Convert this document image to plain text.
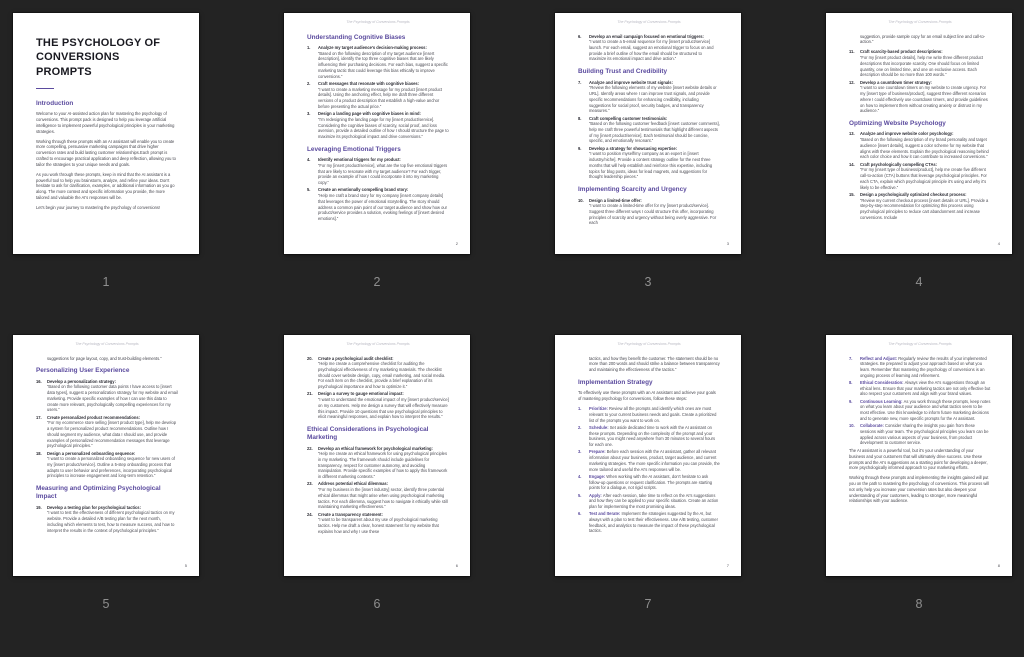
THE PSYCHOLOGY OF CONVERSIONS PROMPTS
Introduction

Welcome to your AI-assisted action plan for mastering the psychology of conversions. This prompt pack is designed to help you leverage artificial intelligence to implement powerful psychological principles in your marketing strategies.

Working through these prompts with an AI assistant will enable you to create more compelling, persuasive marketing campaigns that drive higher conversion rates and build lasting customer relationships.Each prompt is crafted to encourage practical application and deep reflection, allowing you to tailor the strategies to your unique needs and goals.

As you work through these prompts, keep in mind that the AI assistant is a powerful tool to help you brainstorm, analyze, and refine your ideas. Don't hesitate to ask for clarification, examples, or additional information as you go along. The more context and specific information you provide, the more tailored and valuable the AI's responses will be.

Let's begin your journey to mastering the psychology of conversions!

1
The Psychology of Conversions Prompts
Understanding Cognitive Biases
1.	Analyze my target audience's decision-making process:
“Based on the following description of my target audience [insert description], identify the top three cognitive biases that are likely influencing their purchasing decisions. For each bias, suggest a specific marketing tactic that could leverage this bias ethically to improve conversions.”
2.	Craft messages that resonate with cognitive biases:
“I want to create a marketing message for my product [insert product details]. Using the anchoring effect, help me draft three different versions of a product description that establish a high-value anchor before presenting the actual price.”
3.	Design a landing page with cognitive biases in mind:
“I'm redesigning the landing page for my [insert product/service]. Considering the cognitive biases of scarcity, social proof, and loss aversion, provide a detailed outline of how I should structure the page to maximize its psychological impact and drive conversions.”
Leveraging Emotional Triggers
4.	Identify emotional triggers for my product:
“For my [insert product/service], what are the top five emotional triggers that are likely to resonate with my target audience? For each trigger, provide an example of how I could incorporate it into my marketing copy.”
5.	Create an emotionally compelling brand story:
“Help me craft a brand story for my company [insert company details] that leverages the power of emotional storytelling. The story should address a common pain point of our target audience and show how our product/service provides a solution, evoking feelings of [insert desired emotions].”
2
2
The Psychology of Conversions Prompts
6.	Develop an email campaign focused on emotional triggers:
“I want to create a 5-email sequence for my [insert product/service] launch. For each email, suggest an emotional trigger to focus on and provide a brief outline of how the email should be structured to maximize its emotional impact and drive action.”
Building Trust and Credibility
7.	Analyze and improve website trust signals:
“Review the following elements of my website [insert website details or URL]. Identify areas where I can improve trust signals, and provide specific recommendations for enhancing credibility, including suggestions for social proof, security badges, and transparency measures.”
8.	Craft compelling customer testimonials:
“Based on the following customer feedback [insert customer comments], help me craft three powerful testimonials that highlight different aspects of my [insert product/service]. Each testimonial should be concise, specific, and emotionally resonant.”
9.	Develop a strategy for showcasing expertise:
“I want to position myself/my company as an expert in [insert industry/niche]. Provide a content strategy outline for the next three months that will help establish and reinforce this expertise, including topics for blog posts, ideas for lead magnets, and suggestions for thought leadership pieces.”
Implementing Scarcity and Urgency
10.	Design a limited-time offer:
“I want to create a limited-time offer for my [insert product/service]. Suggest three different ways I could structure this offer, incorporating principles of scarcity and urgency without being overly aggressive. For each
3
3
The Psychology of Conversions Prompts

suggestion, provide sample copy for an email subject line and call-to-action.”

11.	Craft scarcity-based product descriptions:
“For my [insert product details], help me write three different product descriptions that incorporate scarcity. One should focus on limited quantity, one on limited time, and one on exclusive access. Each description should be no more than 100 words.”
12.	Develop a countdown timer strategy:
“I want to use countdown timers on my website to create urgency. For my [insert type of business/product], suggest three different scenarios where I could effectively use countdown timers, and provide guidelines on how to implement them without creating anxiety or distrust in my audience.”
Optimizing Website Psychology
13.	Analyze and improve website color psychology:
“Based on the following description of my brand personality and target audience [insert details], suggest a color scheme for my website that aligns with these elements. Explain the psychological reasoning behind each color choice and how it can contribute to increased conversions.”
14.	Craft psychologically compelling CTAs:
“For my [insert type of business/product], help me create five different call-to-action (CTA) buttons that leverage psychological principles. For each CTA, explain which psychological principle it's using and why it's likely to be effective.”
15.	Design a psychologically optimized checkout process:
“Review my current checkout process [insert details or URL]. Provide a step-by-step recommendation for optimizing this process using psychological principles to reduce cart abandonment and increase conversions. Include
4
4
The Psychology of Conversions Prompts

suggestions for page layout, copy, and trust-building elements.”

Personalizing User Experience
16.	Develop a personalization strategy:
“Based on the following customer data points I have access to [insert data types], suggest a personalization strategy for my website and email marketing. Provide specific examples of how I can use this data to create more relevant, psychologically compelling experiences for my users.”
17.	Create personalized product recommendations:
“For my ecommerce store selling [insert product type], help me develop a system for personalized product recommendations. Outline how I should segment my audience, what data I should use, and provide examples of personalized recommendation messages that leverage psychological principles.”
18.	Design a personalized onboarding sequence:
“I want to create a personalized onboarding sequence for new users of my [insert product/service]. Outline a 5-step onboarding process that adapts to user behavior and preferences, incorporating psychological principles to increase engagement and long-term retention.”
Measuring and Optimizing Psychological Impact
19.	Develop a testing plan for psychological tactics:
“I want to test the effectiveness of different psychological tactics on my website. Provide a detailed A/B testing plan for the next month, including which elements to test, how to measure success, and how to interpret the results in the context of psychological principles.”
5
5
The Psychology of Conversions Prompts
20.	Create a psychological audit checklist:
“Help me create a comprehensive checklist for auditing the psychological effectiveness of my marketing materials. The checklist should cover website design, copy, email marketing, and social media. For each item on the checklist, provide a brief explanation of its psychological importance and how to optimize it.”
21.	Design a survey to gauge emotional impact:
“I want to understand the emotional impact of my [insert product/service] on my customers. Help me design a survey that will effectively measure this impact. Provide 10 questions that use psychological principles to elicit meaningful responses, and explain how to interpret the results.”
Ethical Considerations in Psychological Marketing
22.	Develop an ethical framework for psychological marketing:
“Help me create an ethical framework for using psychological principles in my marketing. The framework should include guidelines for transparency, respect for customer autonomy, and avoiding manipulation. Provide specific examples of how to apply this framework in different marketing contexts.”
23.	Address potential ethical dilemmas:
“For my business in the [insert industry] sector, identify three potential ethical dilemmas that might arise when using psychological marketing tactics. For each dilemma, suggest how to navigate it ethically while still maintaining marketing effectiveness.”
24.	Create a transparency statement:
“I want to be transparent about my use of psychological marketing tactics. Help me draft a clear, honest statement for my website that explains how and why I use these
6
6
The Psychology of Conversions Prompts

tactics, and how they benefit the customer. The statement should be no more than 200 words and should strike a balance between transparency and maintaining the effectiveness of the tactics.”

Implementation Strategy

To effectively use these prompts with an AI assistant and achieve your goals of mastering psychology for conversions, follow these steps:

1.	Prioritize: Review all the prompts and identify which ones are most relevant to your current business needs and goals. Create a prioritized list of the prompts you want to work on.
2.	Schedule: Set aside dedicated time to work with the AI assistant on these prompts. Depending on the complexity of the prompt and your business, you might need anywhere from 30 minutes to several hours for each one.
3.	Prepare: Before each session with the AI assistant, gather all relevant information about your business, product, target audience, and current marketing strategies. The more specific information you can provide, the more tailored and useful the AI's responses will be.
4.	Engage: When working with the AI assistant, don't hesitate to ask follow-up questions or request clarification. The prompts are starting points for a dialogue, not rigid scripts.
5.	Apply: After each session, take time to reflect on the AI's suggestions and how they can be applied to your specific situation. Create an action plan for implementing the most promising ideas.
6.	Test and Iterate: Implement the strategies suggested by the AI, but always with a plan to test their effectiveness. Use A/B testing, customer feedback, and analytics to measure the impact of these psychological tactics.
7
7
The Psychology of Conversions Prompts
7.	Reflect and Adjust: Regularly review the results of your implemented strategies. Be prepared to adjust your approach based on what you learn. Remember that mastering the psychology of conversions is an ongoing process of learning and refinement.
8.	Ethical Consideration: Always view the AI's suggestions through an ethical lens. Ensure that your marketing tactics are not only effective but also respect your customers and align with your brand values.
9.	Continuous Learning: As you work through these prompts, keep notes on what you learn about your audience and what tactics seem to be most effective. Use this knowledge to inform future marketing decisions and to generate new, more specific prompts for the AI assistant.
10.	Collaborate: Consider sharing the insights you gain from these sessions with your team. The psychological principles you learn can be applied across various aspects of your business, from product development to customer service.

The AI assistant is a powerful tool, but it's your understanding of your business and your customers that will ultimately drive success. Use these prompts and the AI's suggestions as a starting point for developing a deeper, more psychologically informed approach to your marketing efforts.

Working through these prompts and implementing the insights gained will put you on the path to mastering the psychology of conversions. This process will not only help you increase your conversion rates but also deepen your understanding of your customers, leading to stronger, more meaningful relationships with your audience.

8
8
